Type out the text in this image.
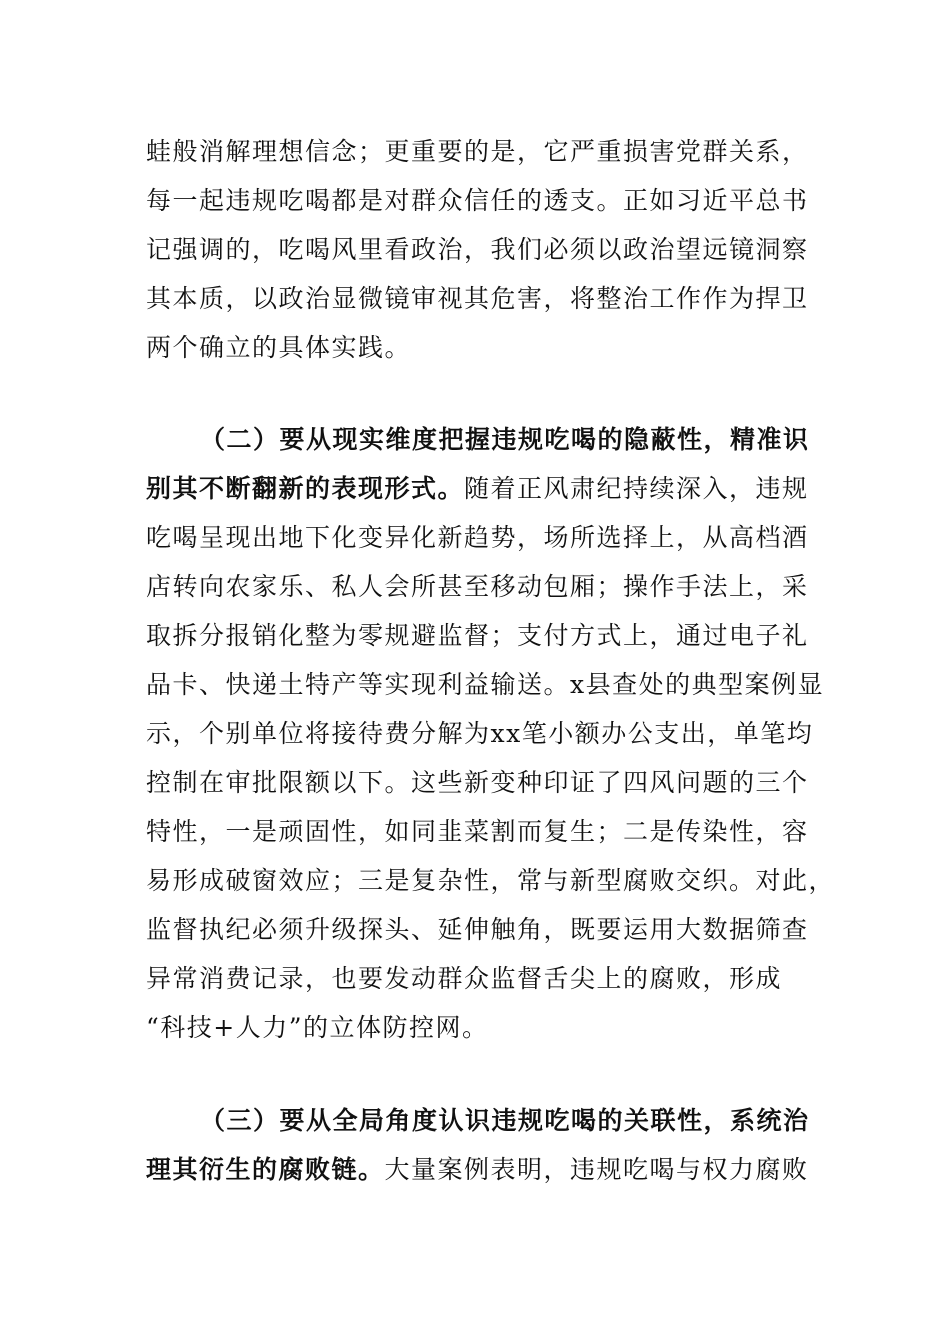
蛙般消解理想信念；更重要的是，它严重损害党群关系，
每一起违规吃喝都是对群众信任的透支。正如习近平总书
记强调的，吃喝风里看政治，我们必须以政治望远镜洞察
其本质，以政治显微镜审视其危害，将整治工作作为捍卫
两个确立的具体实践。
（二）要从现实维度把握违规吃喝的隐蔽性，精准识
别其不断翻新的表现形式。随着正风肃纪持续深入，违规
吃喝呈现出地下化变异化新趋势，场所选择上，从高档酒
店转向农家乐、私人会所甚至移动包厢；操作手法上，采
取拆分报销化整为零规避监督；支付方式上，通过电子礼
品卡、快递土特产等实现利益输送。x县查处的典型案例显
示，个别单位将接待费分解为xx笔小额办公支出，单笔均
控制在审批限额以下。这些新变种印证了四风问题的三个
特性，一是顽固性，如同韭菜割而复生；二是传染性，容
易形成破窗效应；三是复杂性，常与新型腐败交织。对此，
监督执纪必须升级探头、延伸触角，既要运用大数据筛查
异常消费记录，也要发动群众监督舌尖上的腐败，形成
“科技+人力”的立体防控网。
（三）要从全局角度认识违规吃喝的关联性，系统治
理其衍生的腐败链。大量案例表明，违规吃喝与权力腐败
